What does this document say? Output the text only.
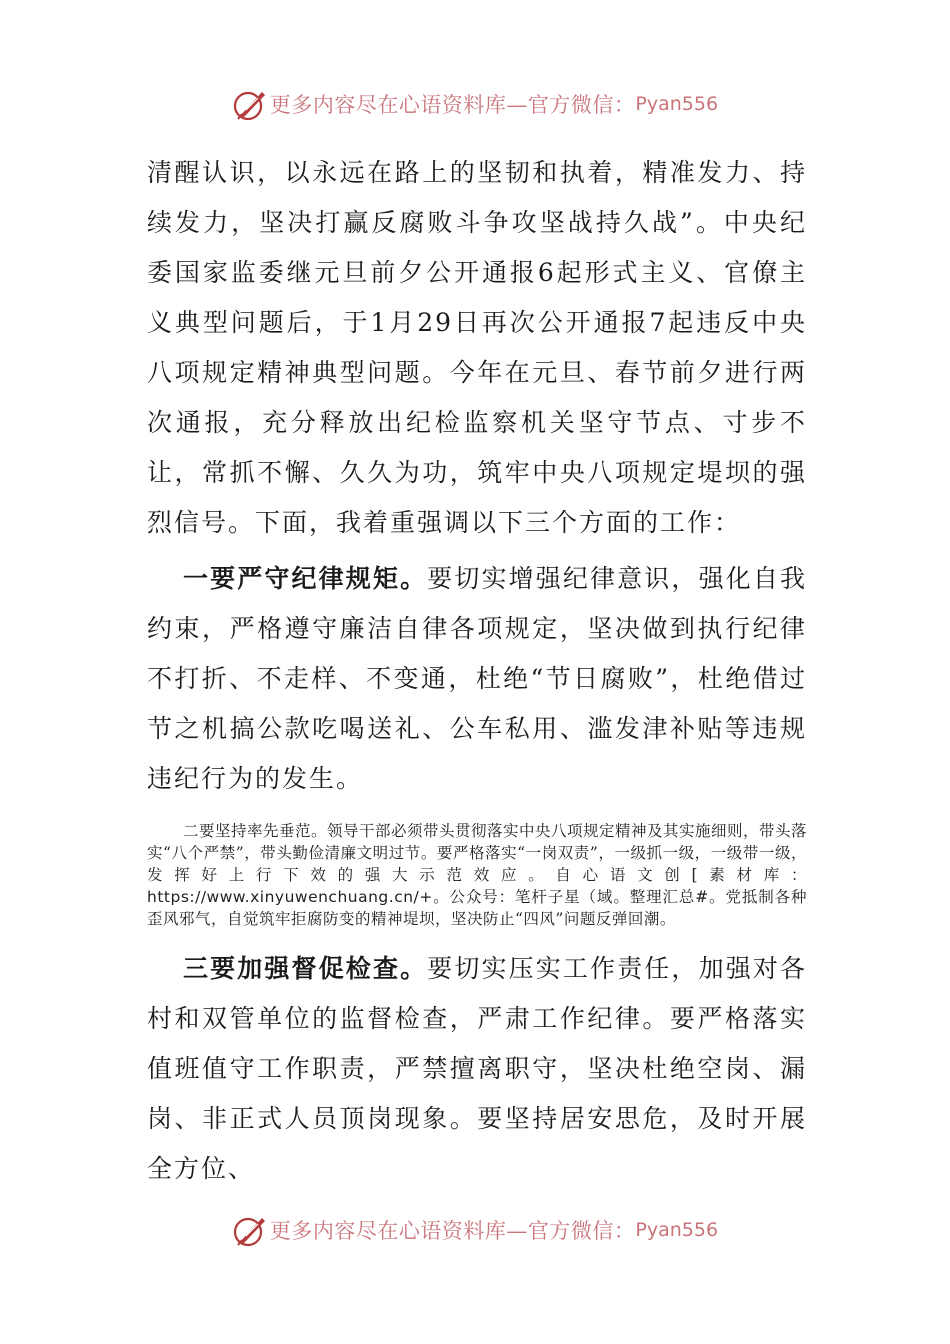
更多内容尽在心语资料库—官方微信： Pyan556

清醒认识，以永远在路上的坚韧和执着，精准发力、持续发力，坚决打赢反腐败斗争攻坚战持久战”。中央纪委国家监委继元旦前夕公开通报6起形式主义、官僚主义典型问题后，于1月29日再次公开通报7起违反中央八项规定精神典型问题。今年在元旦、春节前夕进行两次通报，充分释放出纪检监察机关坚守节点、寸步不让，常抓不懈、久久为功，筑牢中央八项规定堤坝的强烈信号。下面，我着重强调以下三个方面的工作：

一要严守纪律规矩。要切实增强纪律意识，强化自我约束，严格遵守廉洁自律各项规定，坚决做到执行纪律不打折、不走样、不变通，杜绝“节日腐败”，杜绝借过节之机搞公款吃喝送礼、公车私用、滥发津补贴等违规违纪行为的发生。

二要坚持率先垂范。领导干部必须带头贯彻落实中央八项规定精神及其实施细则，带头落实“八个严禁”，带头勤俭清廉文明过节。要严格落实“一岗双责”，一级抓一级，一级带一级，发挥好上行下效的强大示范效应。自心语文创[素材库：https://www.xinyuwenchuang.cn/+。公众号：笔杆子星（域。整理汇总#。党抵制各种歪风邪气，自觉筑牢拒腐防变的精神堤坝，坚决防止“四风”问题反弹回潮。

三要加强督促检查。要切实压实工作责任，加强对各村和双管单位的监督检查，严肃工作纪律。要严格落实值班值守工作职责，严禁擅离职守，坚决杜绝空岗、漏岗、非正式人员顶岗现象。要坚持居安思危，及时开展全方位、

更多内容尽在心语资料库—官方微信： Pyan556
